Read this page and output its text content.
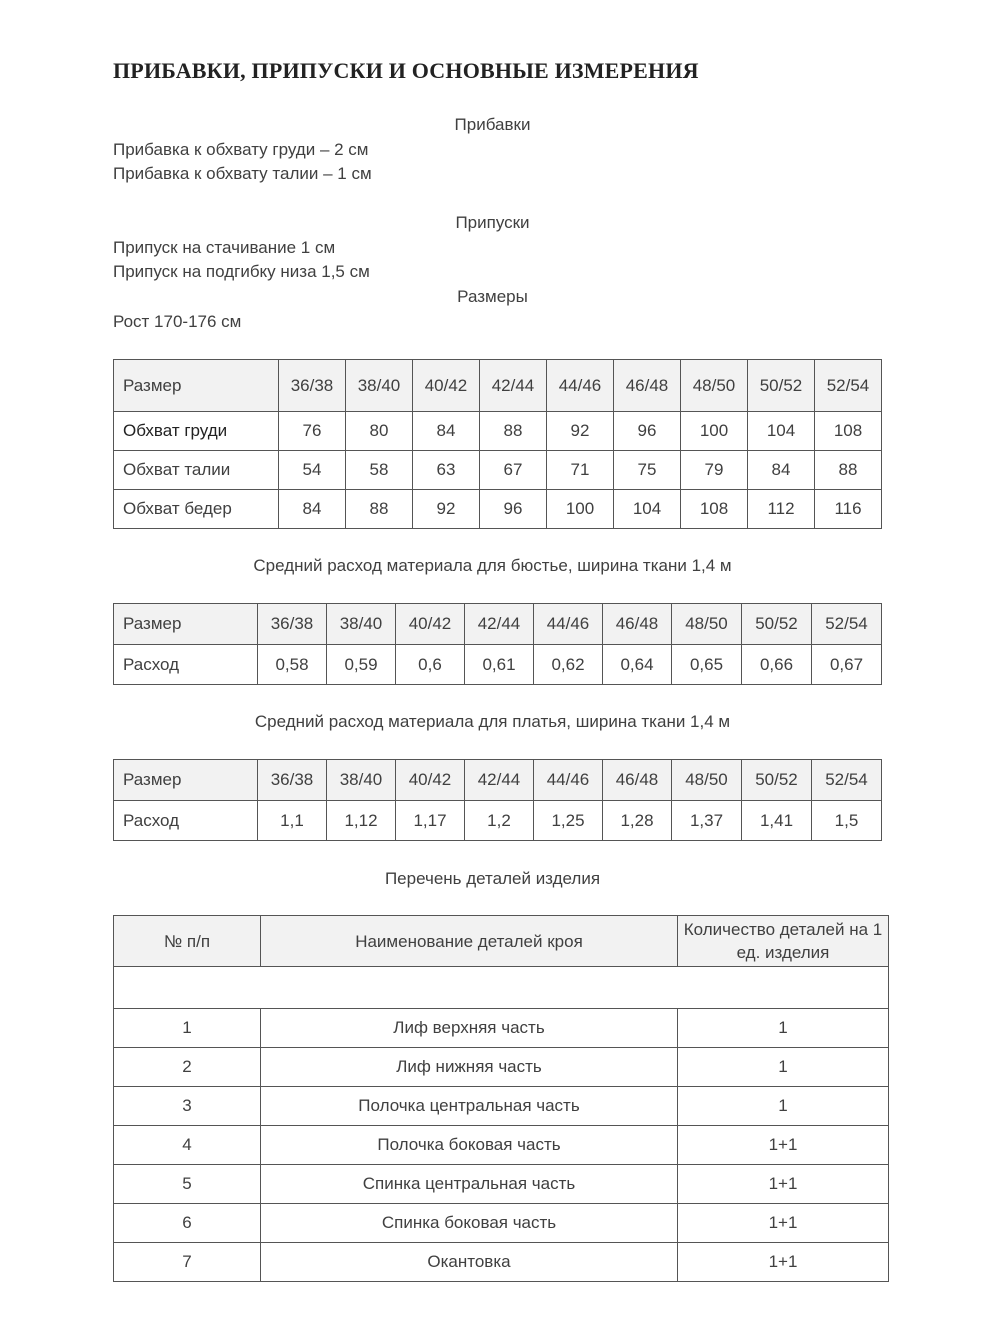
ПРИБАВКИ, ПРИПУСКИ И ОСНОВНЫЕ ИЗМЕРЕНИЯ
Прибавки
Прибавка к обхвату груди – 2 см
Прибавка к обхвату талии – 1 см
Припуски
Припуск на стачивание 1 см
Припуск на подгибку низа 1,5 см
Размеры
Рост 170-176 см
Размер	36/38	38/40	40/42	42/44	44/46	46/48	48/50	50/52	52/54
Обхват груди	76	80	84	88	92	96	100	104	108
Обхват талии	54	58	63	67	71	75	79	84	88
Обхват бедер	84	88	92	96	100	104	108	112	116
Средний расход материала для бюстье, ширина ткани 1,4 м
Размер	36/38	38/40	40/42	42/44	44/46	46/48	48/50	50/52	52/54
Расход	0,58	0,59	0,6	0,61	0,62	0,64	0,65	0,66	0,67
Средний расход материала для платья, ширина ткани 1,4 м
Размер	36/38	38/40	40/42	42/44	44/46	46/48	48/50	50/52	52/54
Расход	1,1	1,12	1,17	1,2	1,25	1,28	1,37	1,41	1,5
Перечень деталей изделия
№ п/п	Наименование деталей кроя	Количество деталей на 1 ед. изделия

1	Лиф верхняя часть	1
2	Лиф нижняя часть	1
3	Полочка центральная часть	1
4	Полочка боковая часть	1+1
5	Спинка центральная часть	1+1
6	Спинка боковая часть	1+1
7	Окантовка	1+1
